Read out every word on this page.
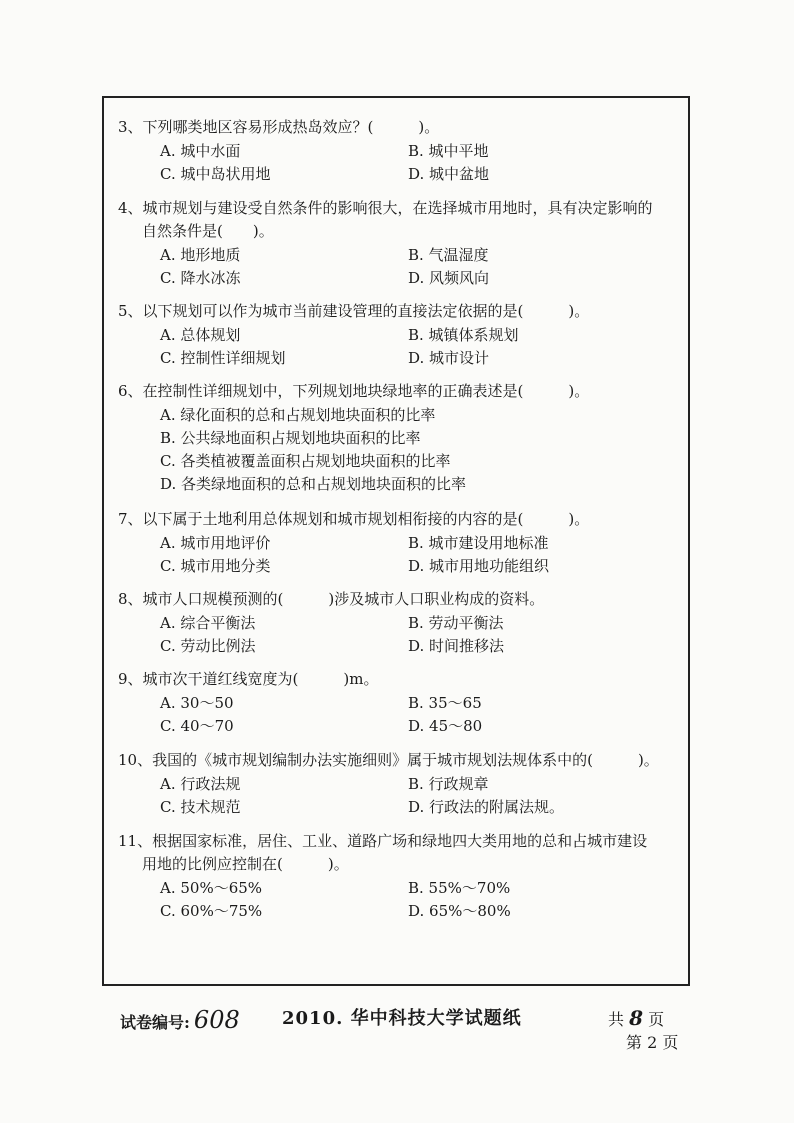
3、下列哪类地区容易形成热岛效应？(　　　)。
A. 城中水面	B. 城中平地
C. 城中岛状用地	D. 城中盆地
4、城市规划与建设受自然条件的影响很大，在选择城市用地时，具有决定影响的
自然条件是(　　)。
A. 地形地质	B. 气温湿度
C. 降水冰冻	D. 风频风向
5、以下规划可以作为城市当前建设管理的直接法定依据的是(　　　)。
A. 总体规划	B. 城镇体系规划
C. 控制性详细规划	D. 城市设计
6、在控制性详细规划中，下列规划地块绿地率的正确表述是(　　　)。
A. 绿化面积的总和占规划地块面积的比率
B. 公共绿地面积占规划地块面积的比率
C. 各类植被覆盖面积占规划地块面积的比率
D. 各类绿地面积的总和占规划地块面积的比率
7、以下属于土地利用总体规划和城市规划相衔接的内容的是(　　　)。
A. 城市用地评价	B. 城市建设用地标准
C. 城市用地分类	D. 城市用地功能组织
8、城市人口规模预测的(　　　)涉及城市人口职业构成的资料。
A. 综合平衡法	B. 劳动平衡法
C. 劳动比例法	D. 时间推移法
9、城市次干道红线宽度为(　　　)m。
A. 30～50	B. 35～65
C. 40～70	D. 45～80
10、我国的《城市规划编制办法实施细则》属于城市规划法规体系中的(　　　)。
A. 行政法规	B. 行政规章
C. 技术规范	D. 行政法的附属法规。
11、根据国家标准，居住、工业、道路广场和绿地四大类用地的总和占城市建设
用地的比例应控制在(　　　)。
A. 50%～65%	B. 55%～70%
C. 60%～75%	D. 65%～80%
试卷编号: 608 2010. 华中科技大学试题纸	共 8 页
第 2 页
